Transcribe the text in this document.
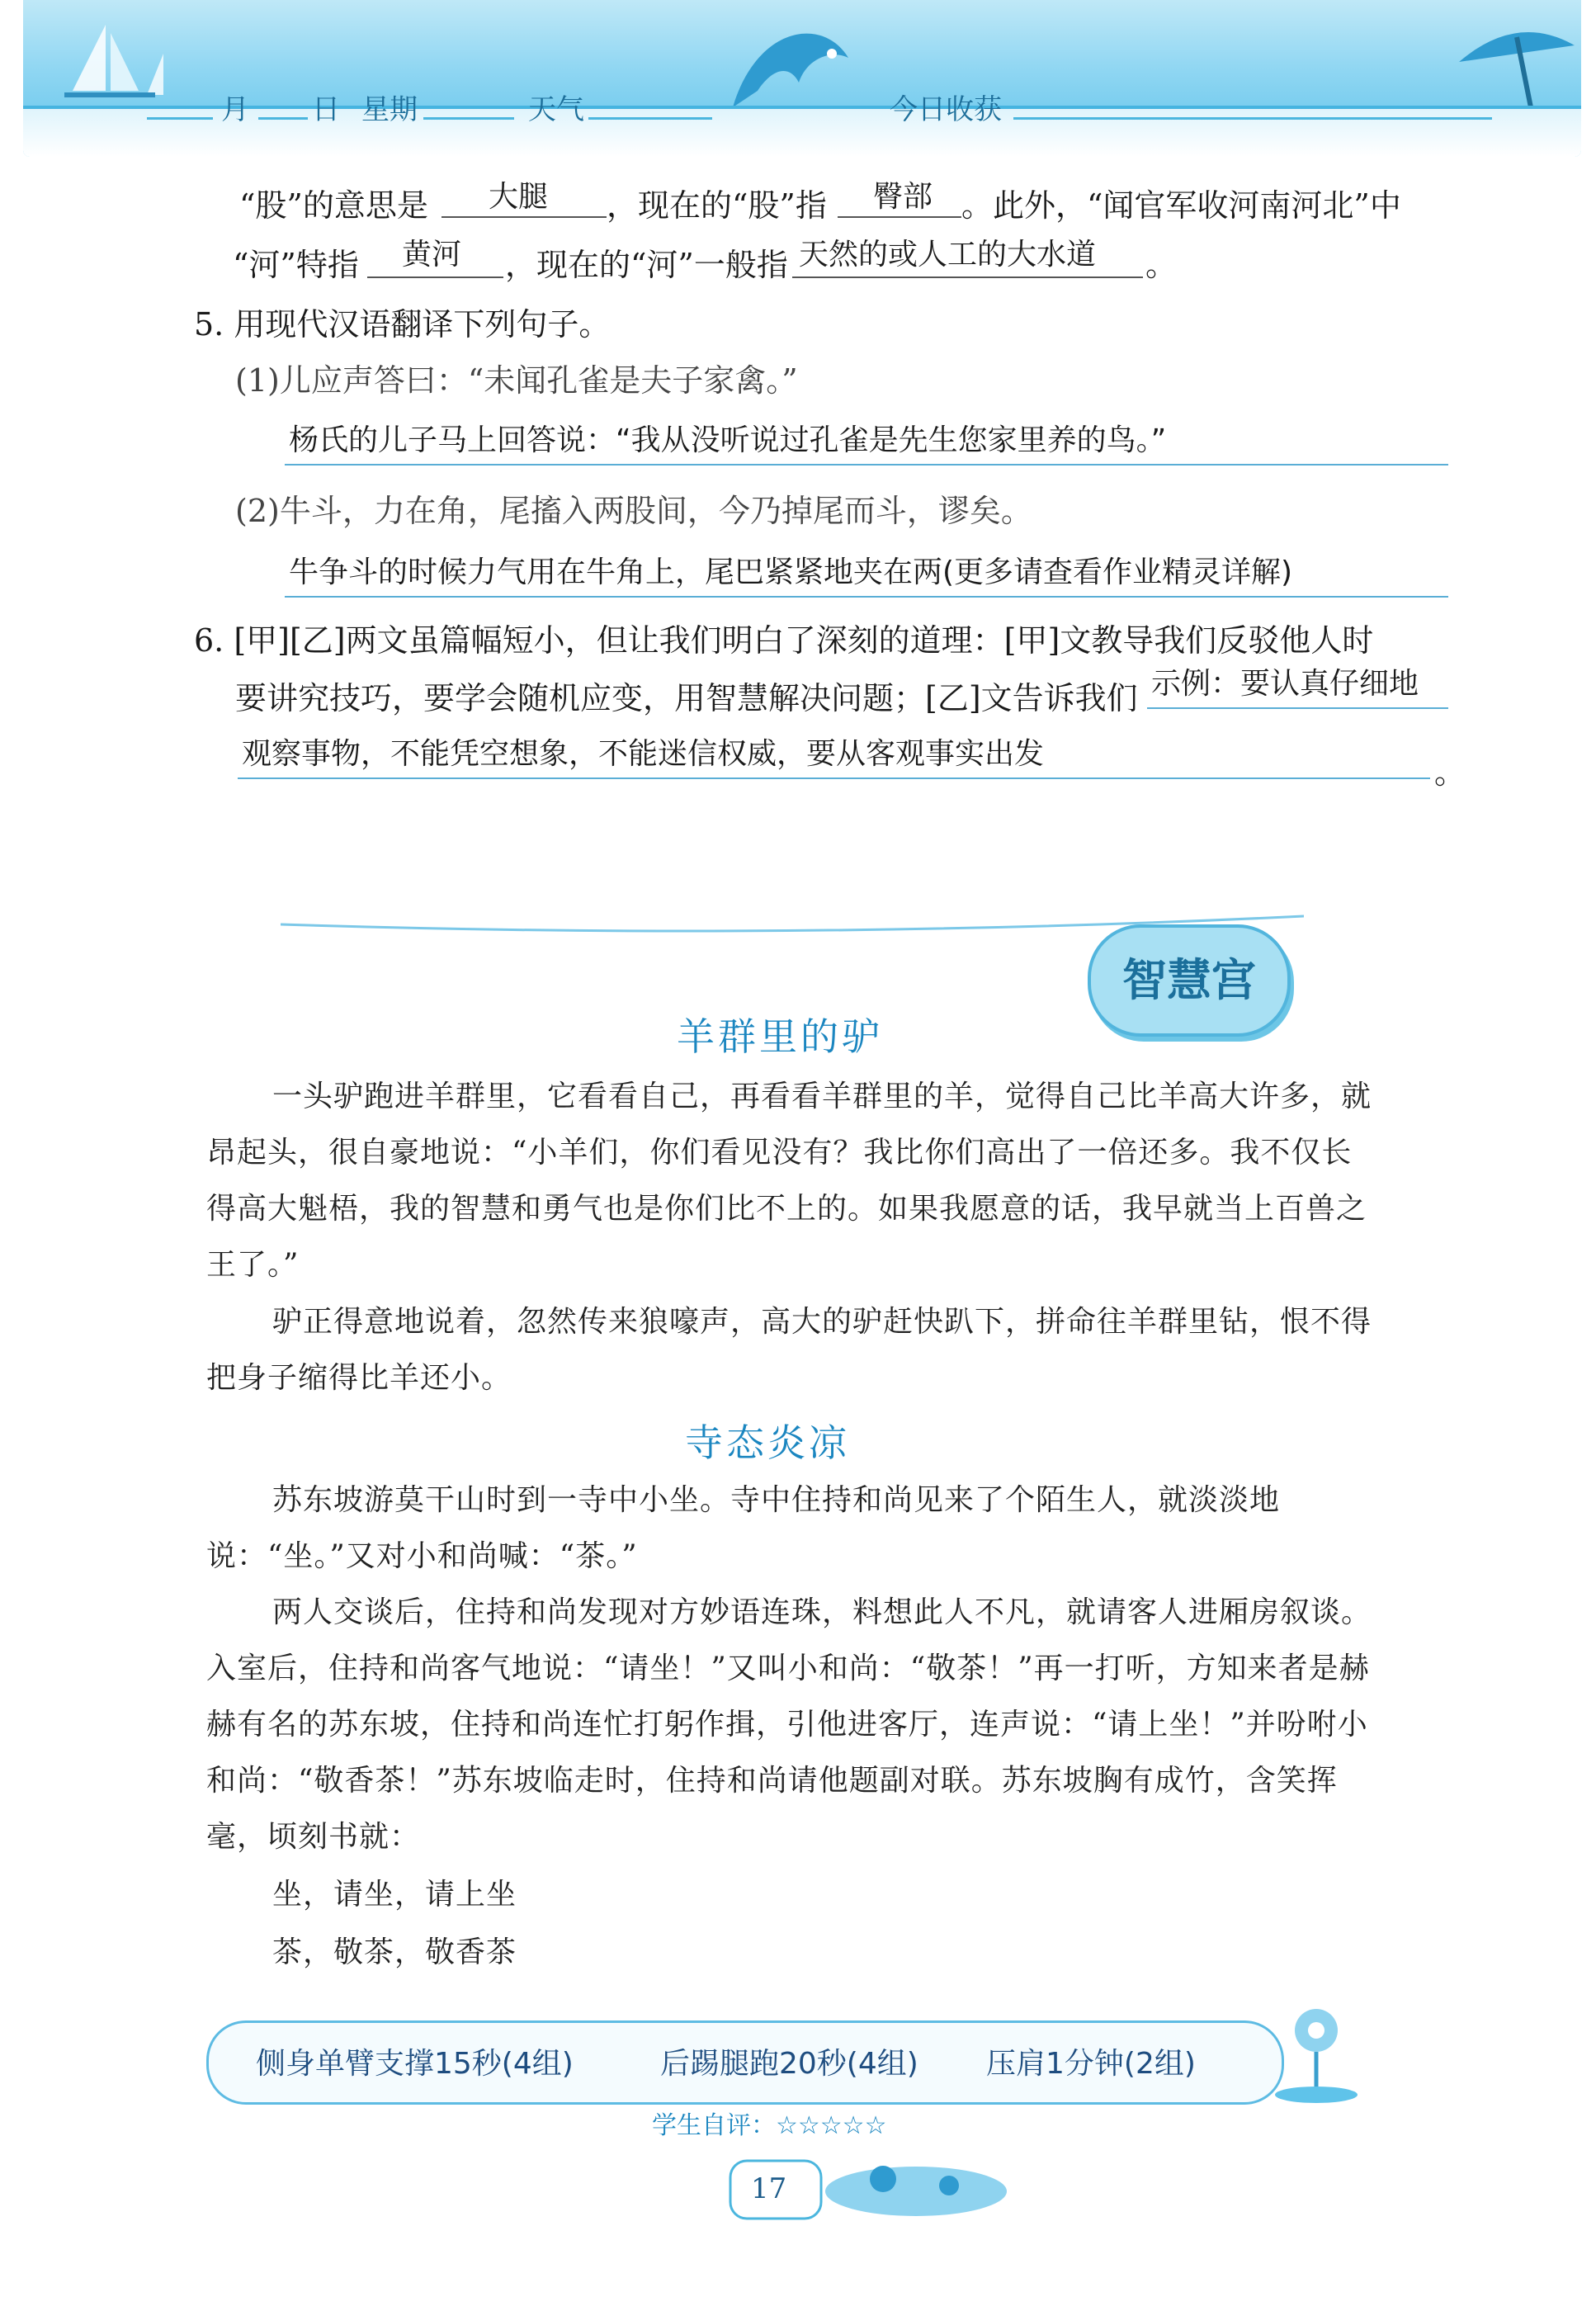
月 日 星期	天气	今日收获
“股”的意思是 大腿 ，现在的“股”指 臀部 。此外，“闻官军收河南河北”中
“河”特指 黄河 ，现在的“河”一般指 天然的或人工的大水道 。
5. 用现代汉语翻译下列句子。
(1)儿应声答曰：“未闻孔雀是夫子家禽。”
杨氏的儿子马上回答说：“我从没听说过孔雀是先生您家里养的鸟。”
(2)牛斗，力在角，尾搐入两股间，今乃掉尾而斗，谬矣。
牛争斗的时候力气用在牛角上，尾巴紧紧地夹在两(更多请查看作业精灵详解)
6. [甲][乙]两文虽篇幅短小，但让我们明白了深刻的道理：[甲]文教导我们反驳他人时
要讲究技巧，要学会随机应变，用智慧解决问题；[乙]文告诉我们 示例：要认真仔细地
观察事物，不能凭空想象，不能迷信权威，要从客观事实出发
。
智慧宫
羊群里的驴
一头驴跑进羊群里，它看看自己，再看看羊群里的羊，觉得自己比羊高大许多，就昂起头，很自豪地说：“小羊们，你们看见没有？我比你们高出了一倍还多。我不仅长得高大魁梧，我的智慧和勇气也是你们比不上的。如果我愿意的话，我早就当上百兽之王了。”
驴正得意地说着，忽然传来狼嚎声，高大的驴赶快趴下，拼命往羊群里钻，恨不得把身子缩得比羊还小。
寺态炎凉
苏东坡游莫干山时到一寺中小坐。寺中住持和尚见来了个陌生人，就淡淡地说：“坐。”又对小和尚喊：“茶。”
两人交谈后，住持和尚发现对方妙语连珠，料想此人不凡，就请客人进厢房叙谈。入室后，住持和尚客气地说：“请坐！”又叫小和尚：“敬茶！”再一打听，方知来者是赫赫有名的苏东坡，住持和尚连忙打躬作揖，引他进客厅，连声说：“请上坐！”并吩咐小和尚：“敬香茶！”苏东坡临走时，住持和尚请他题副对联。苏东坡胸有成竹，含笑挥毫，顷刻书就：
坐，请坐，请上坐
茶，敬茶，敬香茶
侧身单臂支撑15秒(4组)	后踢腿跑20秒(4组) 压肩1分钟(2组)
学生自评：☆☆☆☆☆
17
